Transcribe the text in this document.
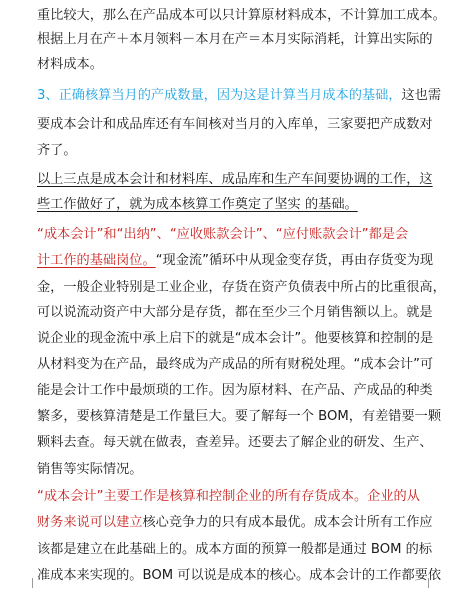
重比较大，那么在产品成本可以只计算原材料成本，不计算加工成本。
根据上月在产＋本月领料－本月在产＝本月实际消耗，计算出实际的
材料成本。
3、正确核算当月的产成数量，因为这是计算当月成本的基础，这也需
要成本会计和成品库还有车间核对当月的入库单，三家要把产成数对
齐了。
以上三点是成本会计和材料库、成品库和生产车间要协调的工作，这
些工作做好了，就为成本核算工作奠定了坚实 的基础。
“成本会计”和“出纳”、“应收账款会计”、“应付账款会计”都是会
计工作的基础岗位。“现金流”循环中从现金变存货，再由存货变为现
金，一般企业特别是工业企业，存货在资产负债表中所占的比重很高，
可以说流动资产中大部分是存货，都在至少三个月销售额以上。就是
说企业的现金流中承上启下的就是“成本会计”。他要核算和控制的是
从材料变为在产品，最终成为产成品的所有财税处理。“成本会计”可
能是会计工作中最烦琐的工作。因为原材料、在产品、产成品的种类
繁多，要核算清楚是工作量巨大。要了解每一个 BOM，有差错要一颗
颗料去查。每天就在做表，查差异。还要去了解企业的研发、生产、
销售等实际情况。
“成本会计”主要工作是核算和控制企业的所有存货成本。企业的从
财务来说可以建立核心竞争力的只有成本最优。成本会计所有工作应
该都是建立在此基础上的。成本方面的预算一般都是通过 BOM 的标
准成本来实现的。BOM 可以说是成本的核心。成本会计的工作都要依
